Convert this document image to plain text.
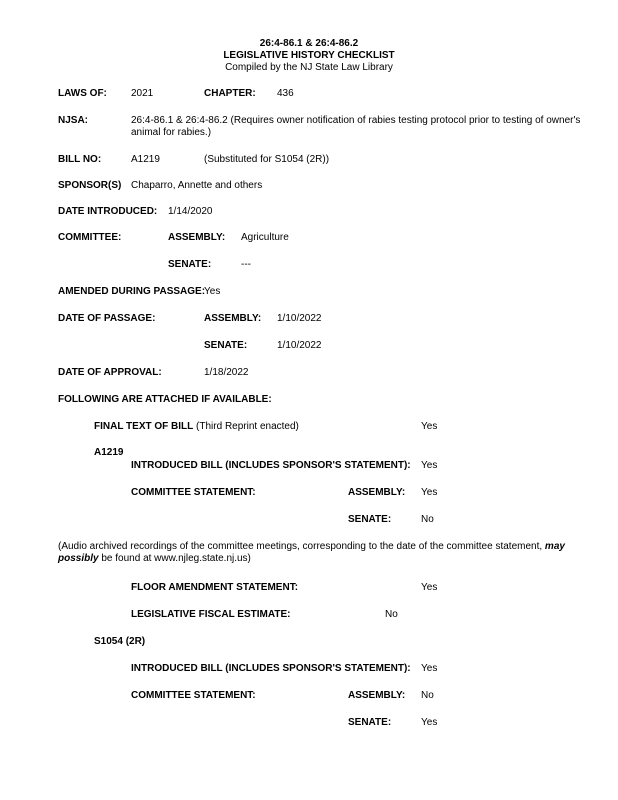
26:4-86.1 & 26:4-86.2
LEGISLATIVE HISTORY CHECKLIST
Compiled by the NJ State Law Library
LAWS OF: 2021	CHAPTER: 436
NJSA:	26:4-86.1 & 26:4-86.2 (Requires owner notification of rabies testing protocol prior to testing of owner's animal for rabies.)
BILL NO:	A1219	(Substituted for S1054 (2R))
SPONSOR(S) Chaparro, Annette and others
DATE INTRODUCED: 1/14/2020
COMMITTEE:	ASSEMBLY: Agriculture
SENATE:	---
AMENDED DURING PASSAGE:
Yes
DATE OF PASSAGE:	ASSEMBLY: 1/10/2022
SENATE:	1/10/2022
DATE OF APPROVAL:	1/18/2022
FOLLOWING ARE ATTACHED IF AVAILABLE:
FINAL TEXT OF BILL (Third Reprint enacted)	Yes
A1219
INTRODUCED BILL (INCLUDES SPONSOR'S STATEMENT): Yes
COMMITTEE STATEMENT:	ASSEMBLY: Yes
SENATE:	No
(Audio archived recordings of the committee meetings, corresponding to the date of the committee statement, may
possibly be found at www.njleg.state.nj.us)
FLOOR AMENDMENT STATEMENT:	Yes
LEGISLATIVE FISCAL ESTIMATE:	No
S1054 (2R)
INTRODUCED BILL (INCLUDES SPONSOR'S STATEMENT): Yes
COMMITTEE STATEMENT:	ASSEMBLY: No
SENATE:	Yes
